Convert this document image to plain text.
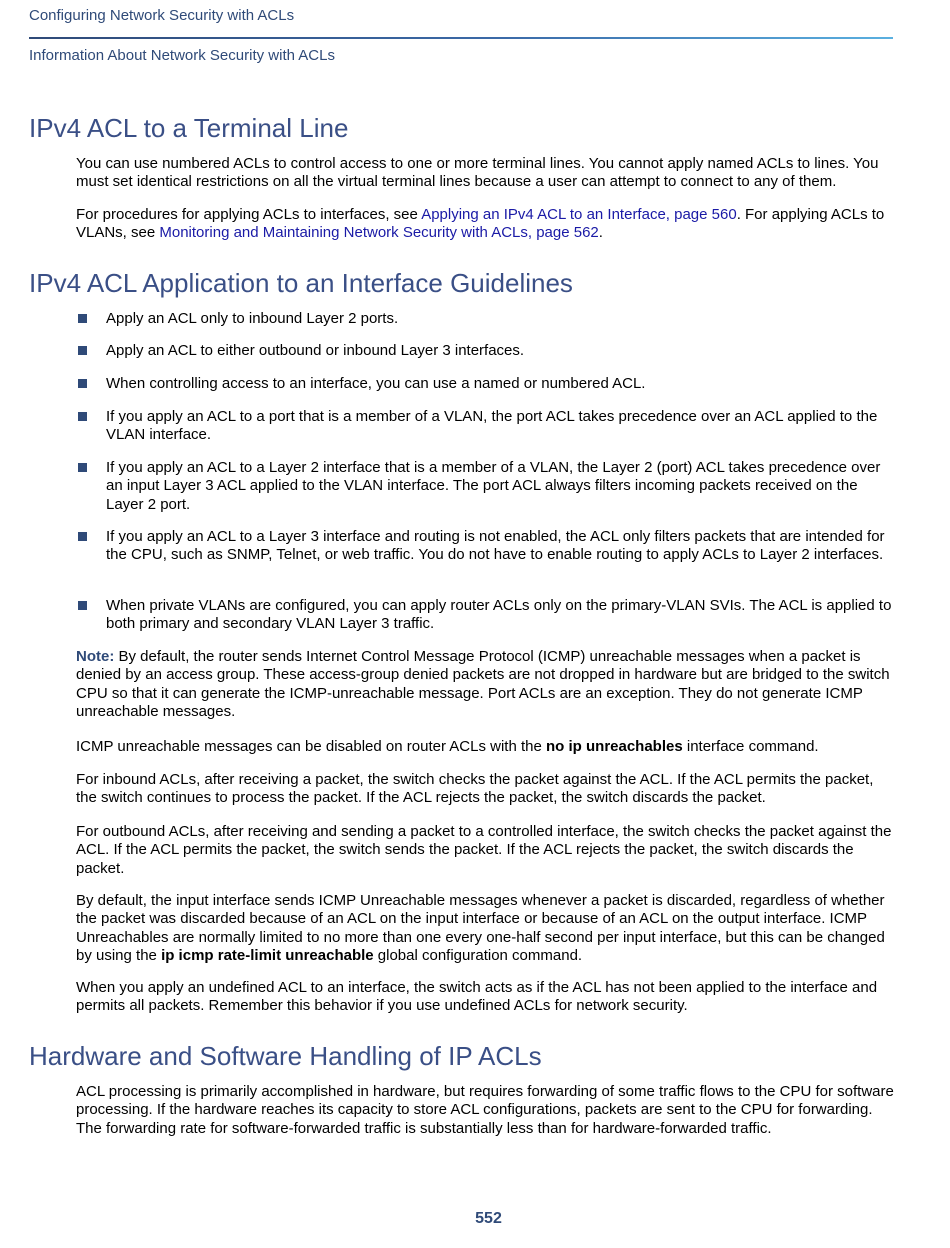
Configuring Network Security with ACLs
Information About Network Security with ACLs
IPv4 ACL to a Terminal Line

You can use numbered ACLs to control access to one or more terminal lines. You cannot apply named ACLs to lines. You must set identical restrictions on all the virtual terminal lines because a user can attempt to connect to any of them.

For procedures for applying ACLs to interfaces, see Applying an IPv4 ACL to an Interface, page 560. For applying ACLs to VLANs, see Monitoring and Maintaining Network Security with ACLs, page 562.

IPv4 ACL Application to an Interface Guidelines
Apply an ACL only to inbound Layer 2 ports.
Apply an ACL to either outbound or inbound Layer 3 interfaces.
When controlling access to an interface, you can use a named or numbered ACL.
If you apply an ACL to a port that is a member of a VLAN, the port ACL takes precedence over an ACL applied to the VLAN interface.
If you apply an ACL to a Layer 2 interface that is a member of a VLAN, the Layer 2 (port) ACL takes precedence over an input Layer 3 ACL applied to the VLAN interface. The port ACL always filters incoming packets received on the Layer 2 port.
If you apply an ACL to a Layer 3 interface and routing is not enabled, the ACL only filters packets that are intended for the CPU, such as SNMP, Telnet, or web traffic. You do not have to enable routing to apply ACLs to Layer 2 interfaces.
When private VLANs are configured, you can apply router ACLs only on the primary-VLAN SVIs. The ACL is applied to both primary and secondary VLAN Layer 3 traffic.

Note: By default, the router sends Internet Control Message Protocol (ICMP) unreachable messages when a packet is denied by an access group. These access-group denied packets are not dropped in hardware but are bridged to the switch CPU so that it can generate the ICMP-unreachable message. Port ACLs are an exception. They do not generate ICMP unreachable messages.

ICMP unreachable messages can be disabled on router ACLs with the no ip unreachables interface command.

For inbound ACLs, after receiving a packet, the switch checks the packet against the ACL. If the ACL permits the packet, the switch continues to process the packet. If the ACL rejects the packet, the switch discards the packet.

For outbound ACLs, after receiving and sending a packet to a controlled interface, the switch checks the packet against the ACL. If the ACL permits the packet, the switch sends the packet. If the ACL rejects the packet, the switch discards the packet.

By default, the input interface sends ICMP Unreachable messages whenever a packet is discarded, regardless of whether the packet was discarded because of an ACL on the input interface or because of an ACL on the output interface. ICMP Unreachables are normally limited to no more than one every one-half second per input interface, but this can be changed by using the ip icmp rate-limit unreachable global configuration command.

When you apply an undefined ACL to an interface, the switch acts as if the ACL has not been applied to the interface and permits all packets. Remember this behavior if you use undefined ACLs for network security.

Hardware and Software Handling of IP ACLs

ACL processing is primarily accomplished in hardware, but requires forwarding of some traffic flows to the CPU for software processing. If the hardware reaches its capacity to store ACL configurations, packets are sent to the CPU for forwarding. The forwarding rate for software-forwarded traffic is substantially less than for hardware-forwarded traffic.

552
